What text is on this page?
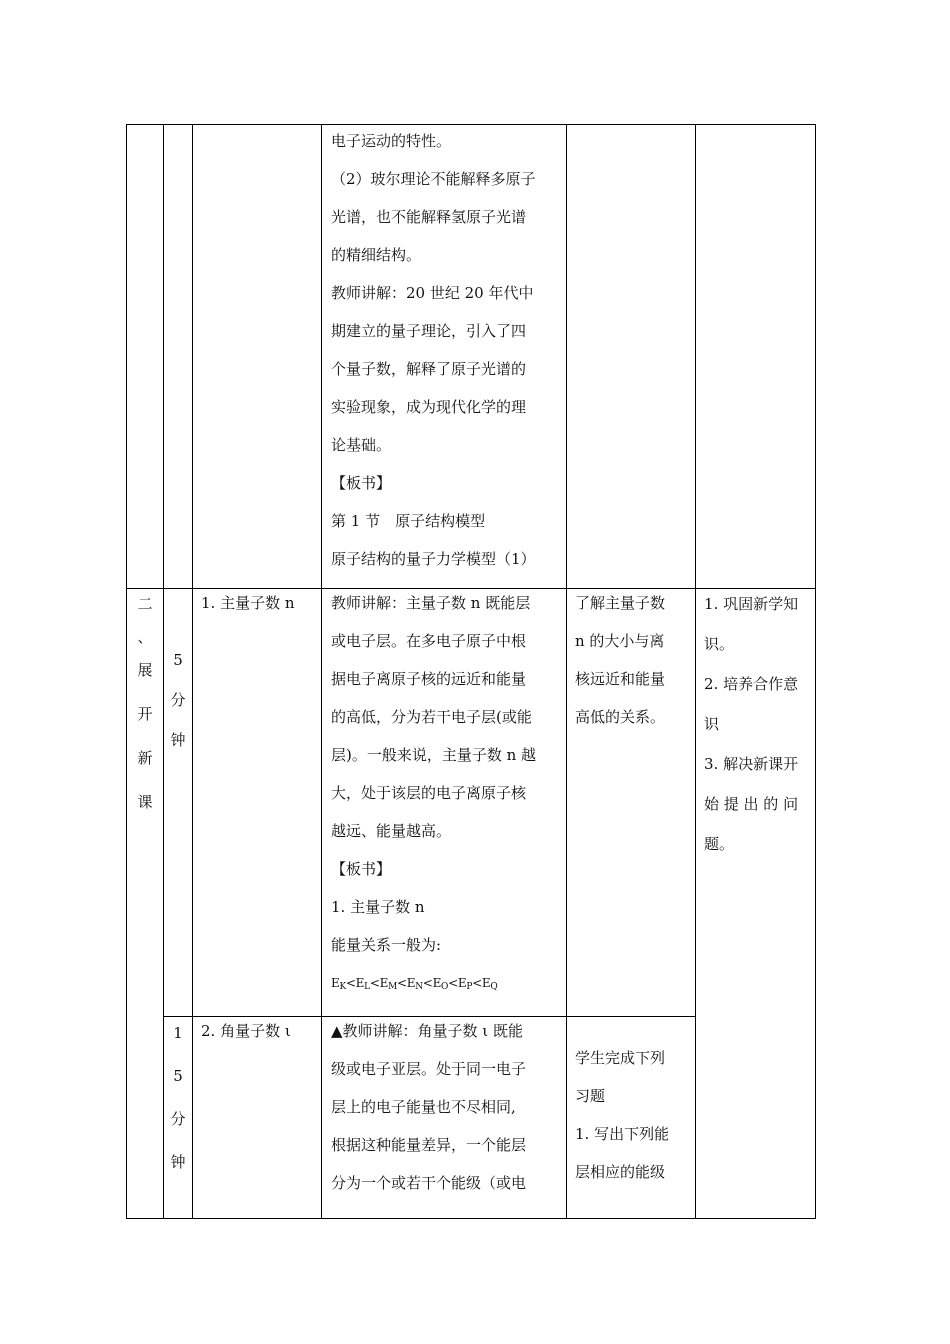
电子运动的特性。

（2）玻尔理论不能解释多原子

光谱，也不能解释氢原子光谱

的精细结构。

教师讲解：20 世纪 20 年代中

期建立的量子理论，引入了四

个量子数，解释了原子光谱的

实验现象，成为现代化学的理

论基础。

【板书】

第 1 节　原子结构模型

原子结构的量子力学模型（1）

二
、
展
开
新
课
5
分
钟

1. 主量子数 n	教师讲解：主量子数 n 既能层

或电子层。在多电子原子中根

据电子离原子核的远近和能量

的高低，分为若干电子层(或能

层)。一般来说，主量子数 n 越

大，处于该层的电子离原子核

越远、能量越高。

【板书】

1. 主量子数 n

能量关系一般为:

$E_K<E_L<E_M<E_N<E_O<E_P<E_Q$

了解主量子数

n 的大小与离

核远近和能量

高低的关系。

1. 巩固新学知

识。

2. 培养合作意

识

3. 解决新课开

始 提 出 的 问

题。

1
5
分
钟

2. 角量子数 ι	▲教师讲解：角量子数 ι 既能

级或电子亚层。处于同一电子

层上的电子能量也不尽相同,

根据这种能量差异，一个能层

分为一个或若干个能级（或电

学生完成下列

习题

1. 写出下列能

层相应的能级
